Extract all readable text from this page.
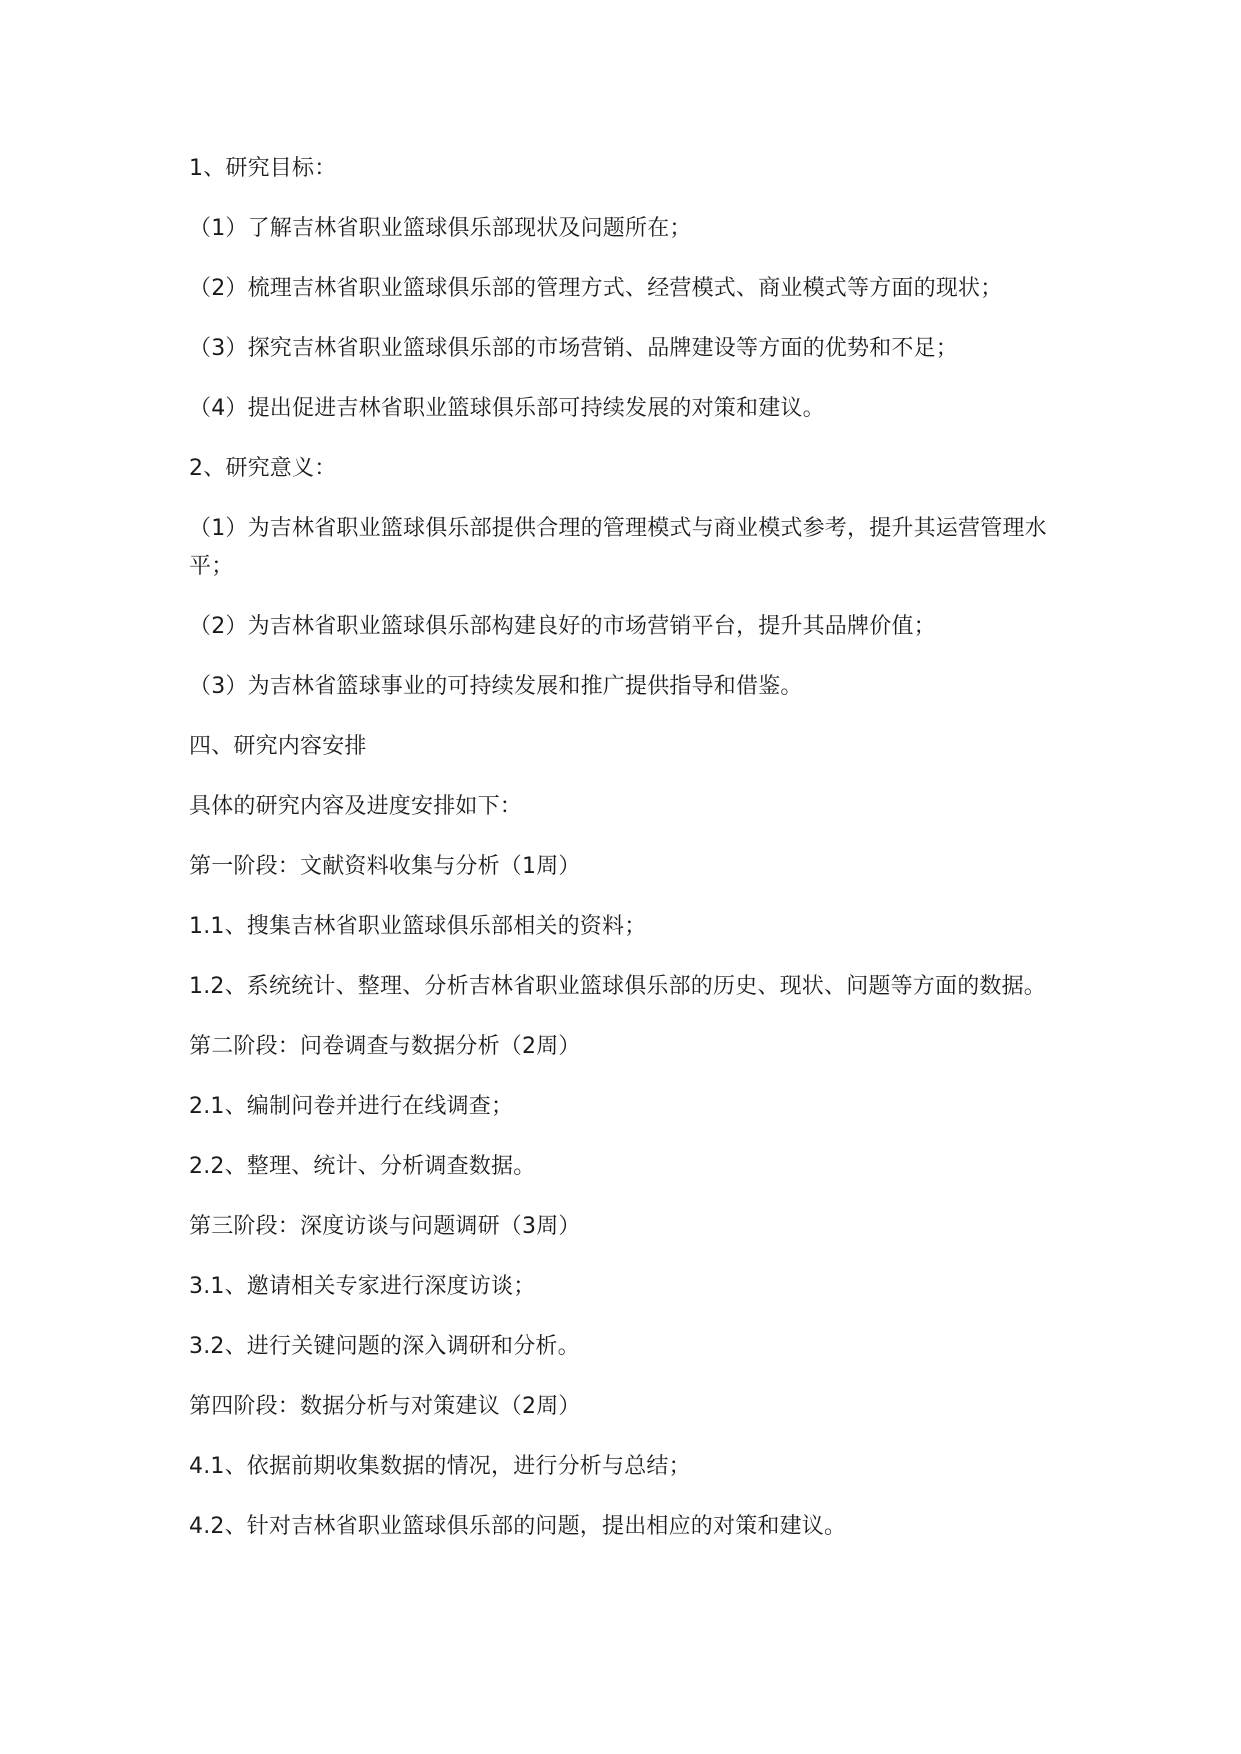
1、研究目标：

（1）了解吉林省职业篮球俱乐部现状及问题所在；

（2）梳理吉林省职业篮球俱乐部的管理方式、经营模式、商业模式等方面的现状；

（3）探究吉林省职业篮球俱乐部的市场营销、品牌建设等方面的优势和不足；

（4）提出促进吉林省职业篮球俱乐部可持续发展的对策和建议。

2、研究意义：

（1）为吉林省职业篮球俱乐部提供合理的管理模式与商业模式参考，提升其运营管理水平；

（2）为吉林省职业篮球俱乐部构建良好的市场营销平台，提升其品牌价值；

（3）为吉林省篮球事业的可持续发展和推广提供指导和借鉴。

四、研究内容安排

具体的研究内容及进度安排如下：

第一阶段：文献资料收集与分析（1周）

1.1、搜集吉林省职业篮球俱乐部相关的资料；

1.2、系统统计、整理、分析吉林省职业篮球俱乐部的历史、现状、问题等方面的数据。

第二阶段：问卷调查与数据分析（2周）

2.1、编制问卷并进行在线调查；

2.2、整理、统计、分析调查数据。

第三阶段：深度访谈与问题调研（3周）

3.1、邀请相关专家进行深度访谈；

3.2、进行关键问题的深入调研和分析。

第四阶段：数据分析与对策建议（2周）

4.1、依据前期收集数据的情况，进行分析与总结；

4.2、针对吉林省职业篮球俱乐部的问题，提出相应的对策和建议。
